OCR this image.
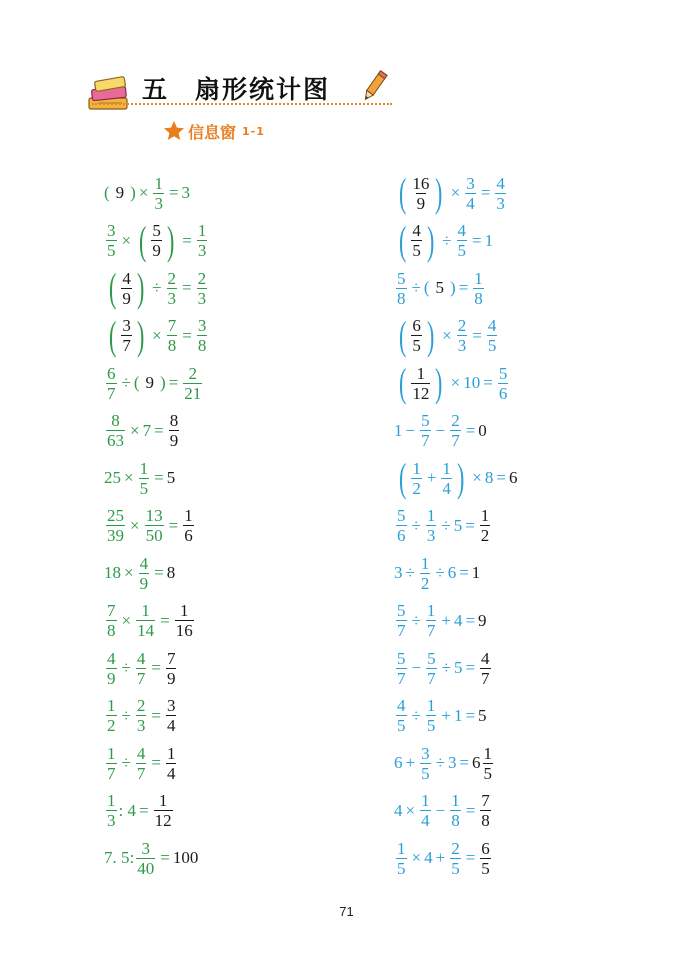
五 扇形统计图
信息窗 1-1
( 9 ) × $\frac{1}{3} = 3$
$\frac{3}{5}$ × ( $\frac{5}{9}$ ) = $\frac{1}{3}$
( $\frac{4}{9}$ ) ÷ $\frac{2}{3} = \frac{2}{3}$
( $\frac{3}{7}$ ) × $\frac{7}{8} = \frac{3}{8}$
$\frac{6}{7}$ ÷ ( 9 ) = $\frac{2}{21}$
$\frac{8}{63} \times 7 = \frac{8}{9}$
$25 \times \frac{1}{5} = 5$
$\frac{25}{39} \times \frac{13}{50} = \frac{1}{6}$
$18 \times \frac{4}{9} = 8$
$\frac{7}{8} \times \frac{1}{14} = \frac{1}{16}$
$\frac{4}{9} \div \frac{4}{7} = \frac{7}{9}$
$\frac{1}{2} \div \frac{2}{3} = \frac{3}{4}$
$\frac{1}{7} \div \frac{4}{7} = \frac{1}{4}$
$\frac{1}{3}$ : $4 = \frac{1}{12}$
7. 5: $\frac{3}{40} = 100$
( $\frac{16}{9}$ ) × $\frac{3}{4} = \frac{4}{3}$
( $\frac{4}{5}$ ) ÷ $\frac{4}{5} = 1$
$\frac{5}{8}$ ÷ ( 5 ) = $\frac{1}{8}$
( $\frac{6}{5}$ ) × $\frac{2}{3} = \frac{4}{5}$
( $\frac{1}{12}$ ) × $10 = \frac{5}{6}$
$1 - \frac{5}{7} - \frac{2}{7} = 0$
( $\frac{1}{2} + \frac{1}{4}$ ) × 8 = 6
$\frac{5}{6} \div \frac{1}{3} \div 5 = \frac{1}{2}$
$3 \div \frac{1}{2} \div 6 = 1$
$\frac{5}{7} \div \frac{1}{7} + 4 = 9$
$\frac{5}{7} - \frac{5}{7} \div 5 = \frac{4}{7}$
$\frac{4}{5} \div \frac{1}{5} + 1 = 5$
$6 + \frac{3}{5} \div 3 = 6 \frac{1}{5}$
$4 \times \frac{1}{4} - \frac{1}{8} = \frac{7}{8}$
$\frac{1}{5} \times 4 + \frac{2}{5} = \frac{6}{5}$
71
